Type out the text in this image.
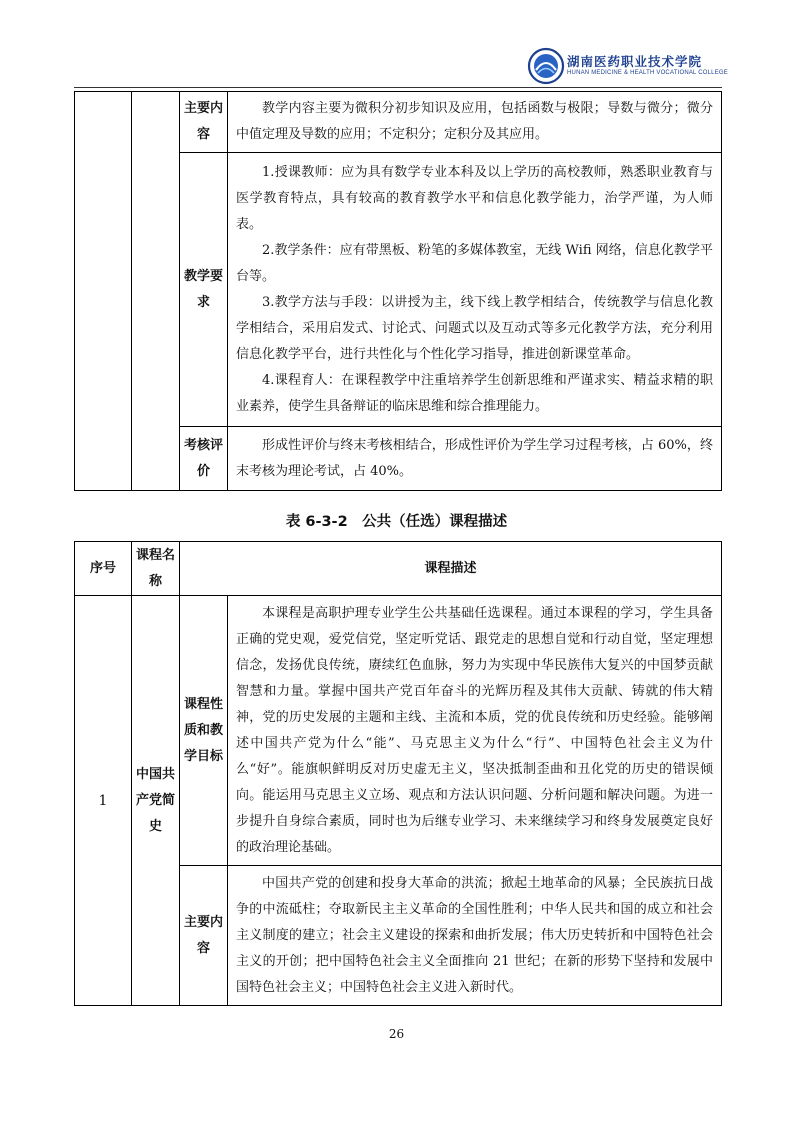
湖南医药职业技术学院
HUNAN MEDICINE & HEALTH VOCATIONAL COLLEGE
		主要内容	教学内容主要为微积分初步知识及应用，包括函数与极限；导数与微分；微分中值定理及导数的应用；不定积分；定积分及其应用。

		教学要求	1.授课教师：应为具有数学专业本科及以上学历的高校教师，熟悉职业教育与医学教育特点，具有较高的教育教学水平和信息化教学能力，治学严谨，为人师表。

2.教学条件：应有带黑板、粉笔的多媒体教室，无线 Wifi 网络，信息化教学平台等。

3.教学方法与手段：以讲授为主，线下线上教学相结合，传统教学与信息化教学相结合，采用启发式、讨论式、问题式以及互动式等多元化教学方法，充分利用信息化教学平台，进行共性化与个性化学习指导，推进创新课堂革命。

4.课程育人：在课程教学中注重培养学生创新思维和严谨求实、精益求精的职业素养，使学生具备辩证的临床思维和综合推理能力。

		考核评价	形成性评价与终末考核相结合，形成性评价为学生学习过程考核，占 60%，终末考核为理论考试，占 40%。

表 6-3-2　公共（任选）课程描述
序号	课程名称	课程描述	
1	中国共产党简史	课程性质和教学目标	本课程是高职护理专业学生公共基础任选课程。通过本课程的学习，学生具备正确的党史观，爱党信党，坚定听党话、跟党走的思想自觉和行动自觉，坚定理想信念，发扬优良传统，赓续红色血脉，努力为实现中华民族伟大复兴的中国梦贡献智慧和力量。掌握中国共产党百年奋斗的光辉历程及其伟大贡献、铸就的伟大精神，党的历史发展的主题和主线、主流和本质，党的优良传统和历史经验。能够阐述中国共产党为什么“能”、马克思主义为什么“行”、中国特色社会主义为什么“好”。能旗帜鲜明反对历史虚无主义，坚决抵制歪曲和丑化党的历史的错误倾向。能运用马克思主义立场、观点和方法认识问题、分析问题和解决问题。为进一步提升自身综合素质，同时也为后继专业学习、未来继续学习和终身发展奠定良好的政治理论基础。

		主要内容	中国共产党的创建和投身大革命的洪流；掀起土地革命的风暴；全民族抗日战争的中流砥柱；夺取新民主主义革命的全国性胜利；中华人民共和国的成立和社会主义制度的建立；社会主义建设的探索和曲折发展；伟大历史转折和中国特色社会主义的开创；把中国特色社会主义全面推向 21 世纪；在新的形势下坚持和发展中国特色社会主义；中国特色社会主义进入新时代。

26
